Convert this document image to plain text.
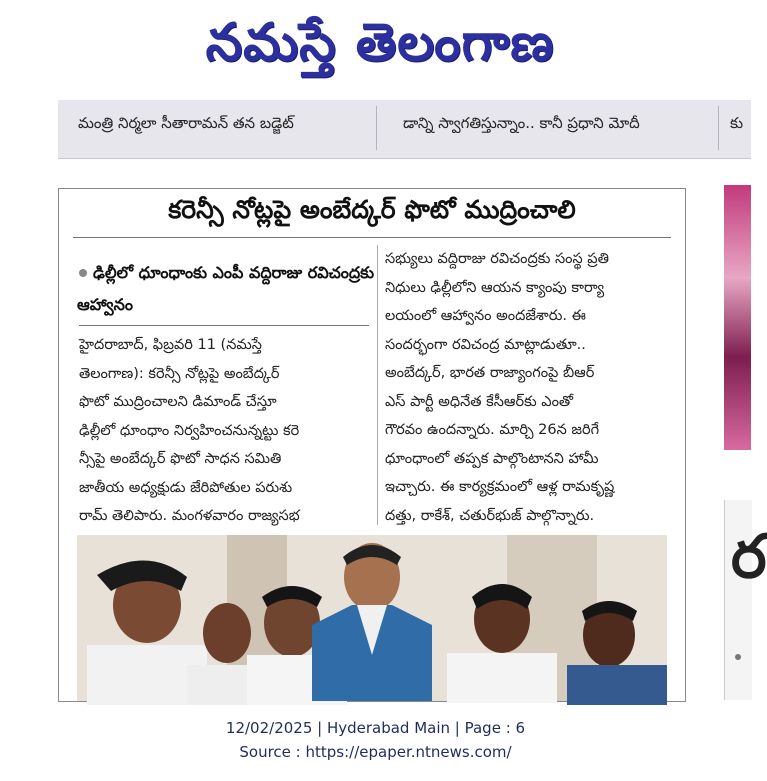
నమస్తే తెలంగాణ
మంత్రి నిర్మలా సీతారామన్ తన బడ్జెట్	డాన్ని స్వాగతిస్తున్నాం.. కానీ ప్రధాని మోదీ	కు
కరెన్సీ నోట్లపై అంబేద్కర్ ఫొటో ముద్రించాలి
ఢిల్లీలో ధూంధాంకు ఎంపీ వద్దిరాజు రవిచంద్రకు ఆహ్వానం
హైదరాబాద్, ఫిబ్రవరి 11 (నమస్తే
తెలంగాణ): కరెన్సీ నోట్లపై అంబేద్కర్
ఫొటో ముద్రించాలని డిమాండ్ చేస్తూ
ఢిల్లీలో ధూంధాం నిర్వహించనున్నట్టు కరె
న్సీపై అంబేద్కర్ ఫొటో సాధన సమితి
జాతీయ అధ్యక్షుడు జేరిపోతుల పరుశు
రామ్ తెలిపారు. మంగళవారం రాజ్యసభ
సభ్యులు వద్దిరాజు రవిచంద్రకు సంస్థ ప్రతి
నిధులు ఢిల్లీలోని ఆయన క్యాంపు కార్యా
లయంలో ఆహ్వానం అందజేశారు. ఈ
సందర్భంగా రవిచంద్ర మాట్లాడుతూ..
అంబేద్కర్, భారత రాజ్యాంగంపై బీఆర్
ఎస్ పార్టీ అధినేత కేసీఆర్‌కు ఎంతో
గౌరవం ఉందన్నారు. మార్చి 26న జరిగే
ధూంధాంలో తప్పక పాల్గొంటానని హామీ
ఇచ్చారు. ఈ కార్యక్రమంలో ఆళ్ల రామకృష్ణ
దత్తు, రాకేశ్, చతుర్‌భుజ్ పాల్గొన్నారు.
ర
12/02/2025 | Hyderabad Main | Page : 6
Source : https://epaper.ntnews.com/
